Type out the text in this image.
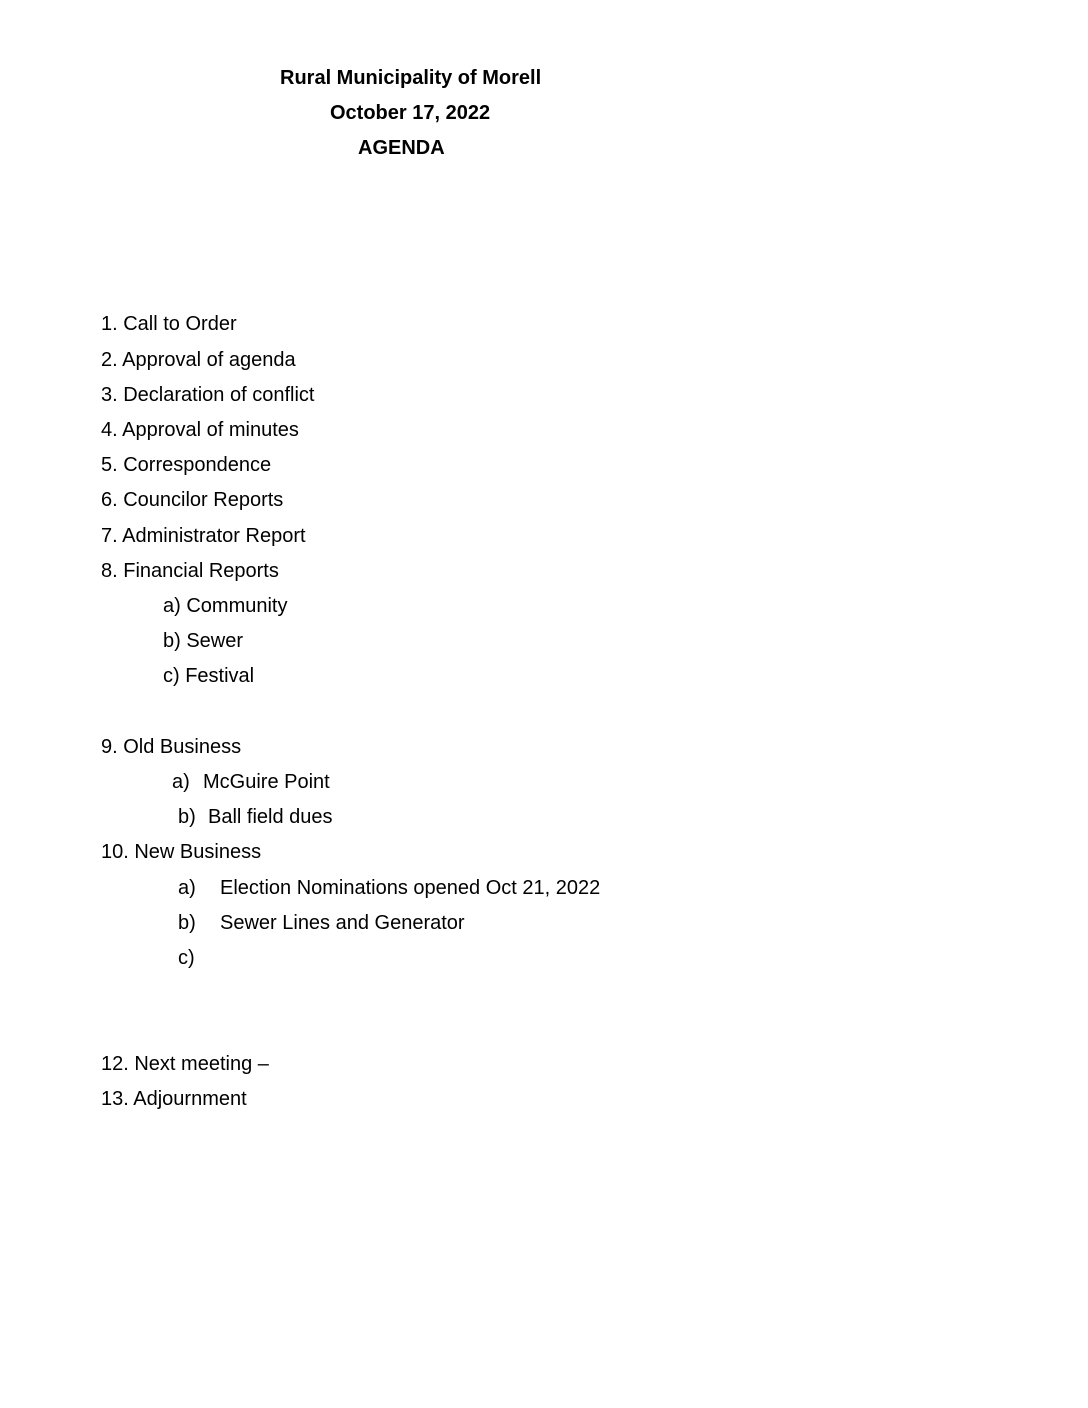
Rural Municipality of Morell
October 17, 2022
AGENDA
1. Call to Order
2. Approval of agenda
3. Declaration of conflict
4. Approval of minutes
5. Correspondence
6. Councilor Reports
7. Administrator Report
8. Financial Reports
a) Community
b) Sewer
c) Festival
9. Old Business
a) McGuire Point
b) Ball field dues
10. New Business
a) Election Nominations opened Oct 21, 2022
b) Sewer Lines and Generator
c)
12. Next meeting –
13. Adjournment
